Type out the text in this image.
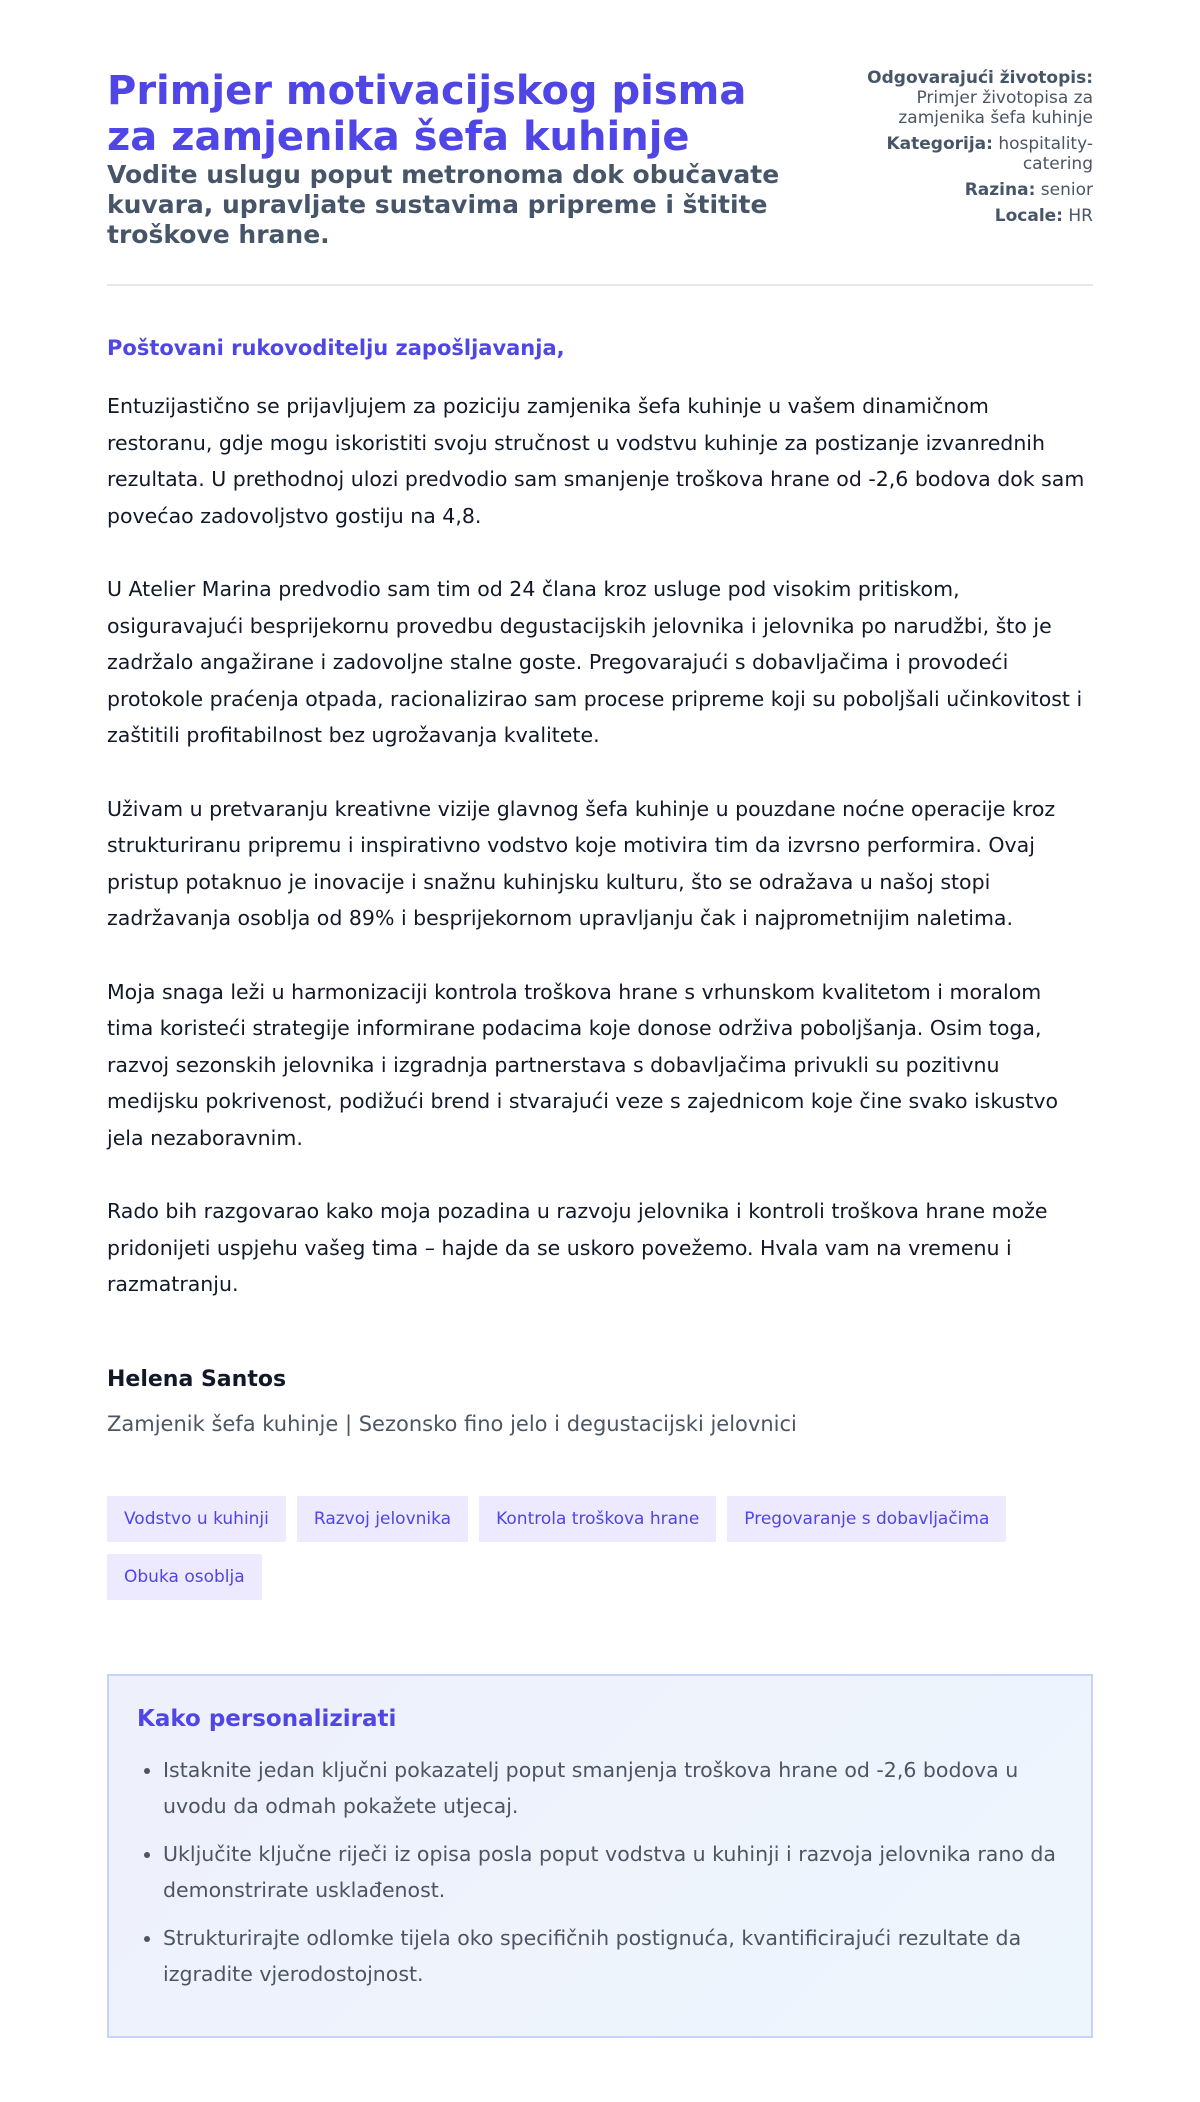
Primjer motivacijskog pisma za zamjenika šefa kuhinje
Vodite uslugu poput metronoma dok obučavate kuvara, upravljate sustavima pripreme i štitite troškove hrane.
Odgovarajući životopis:
Primjer životopisa za zamjenika šefa kuhinje
Kategorija: hospitality-catering
Razina: senior
Locale: HR
Poštovani rukovoditelju zapošljavanja,

Entuzijastično se prijavljujem za poziciju zamjenika šefa kuhinje u vašem dinamičnom restoranu, gdje mogu iskoristiti svoju stručnost u vodstvu kuhinje za postizanje izvanrednih rezultata. U prethodnoj ulozi predvodio sam smanjenje troškova hrane od -2,6 bodova dok sam povećao zadovoljstvo gostiju na 4,8.

U Atelier Marina predvodio sam tim od 24 člana kroz usluge pod visokim pritiskom, osiguravajući besprijekornu provedbu degustacijskih jelovnika i jelovnika po narudžbi, što je zadržalo angažirane i zadovoljne stalne goste. Pregovarajući s dobavljačima i provodeći protokole praćenja otpada, racionalizirao sam procese pripreme koji su poboljšali učinkovitost i zaštitili profitabilnost bez ugrožavanja kvalitete.

Uživam u pretvaranju kreativne vizije glavnog šefa kuhinje u pouzdane noćne operacije kroz strukturiranu pripremu i inspirativno vodstvo koje motivira tim da izvrsno performira. Ovaj pristup potaknuo je inovacije i snažnu kuhinjsku kulturu, što se odražava u našoj stopi zadržavanja osoblja od 89% i besprijekornom upravljanju čak i najprometnijim naletima.

Moja snaga leži u harmonizaciji kontrola troškova hrane s vrhunskom kvalitetom i moralom tima koristeći strategije informirane podacima koje donose održiva poboljšanja. Osim toga, razvoj sezonskih jelovnika i izgradnja partnerstava s dobavljačima privukli su pozitivnu medijsku pokrivenost, podižući brend i stvarajući veze s zajednicom koje čine svako iskustvo jela nezaboravnim.

Rado bih razgovarao kako moja pozadina u razvoju jelovnika i kontroli troškova hrane može pridonijeti uspjehu vašeg tima – hajde da se uskoro povežemo. Hvala vam na vremenu i razmatranju.

Helena Santos
Zamjenik šefa kuhinje | Sezonsko fino jelo i degustacijski jelovnici
Vodstvo u kuhinji	Razvoj jelovnika	Kontrola troškova hrane	Pregovaranje s dobavljačima
Obuka osoblja
Kako personalizirati
• Istaknite jedan ključni pokazatelj poput smanjenja troškova hrane od -2,6 bodova u uvodu da odmah pokažete utjecaj.
• Uključite ključne riječi iz opisa posla poput vodstva u kuhinji i razvoja jelovnika rano da demonstrirate usklađenost.
• Strukturirajte odlomke tijela oko specifičnih postignuća, kvantificirajući rezultate da izgradite vjerodostojnost.
